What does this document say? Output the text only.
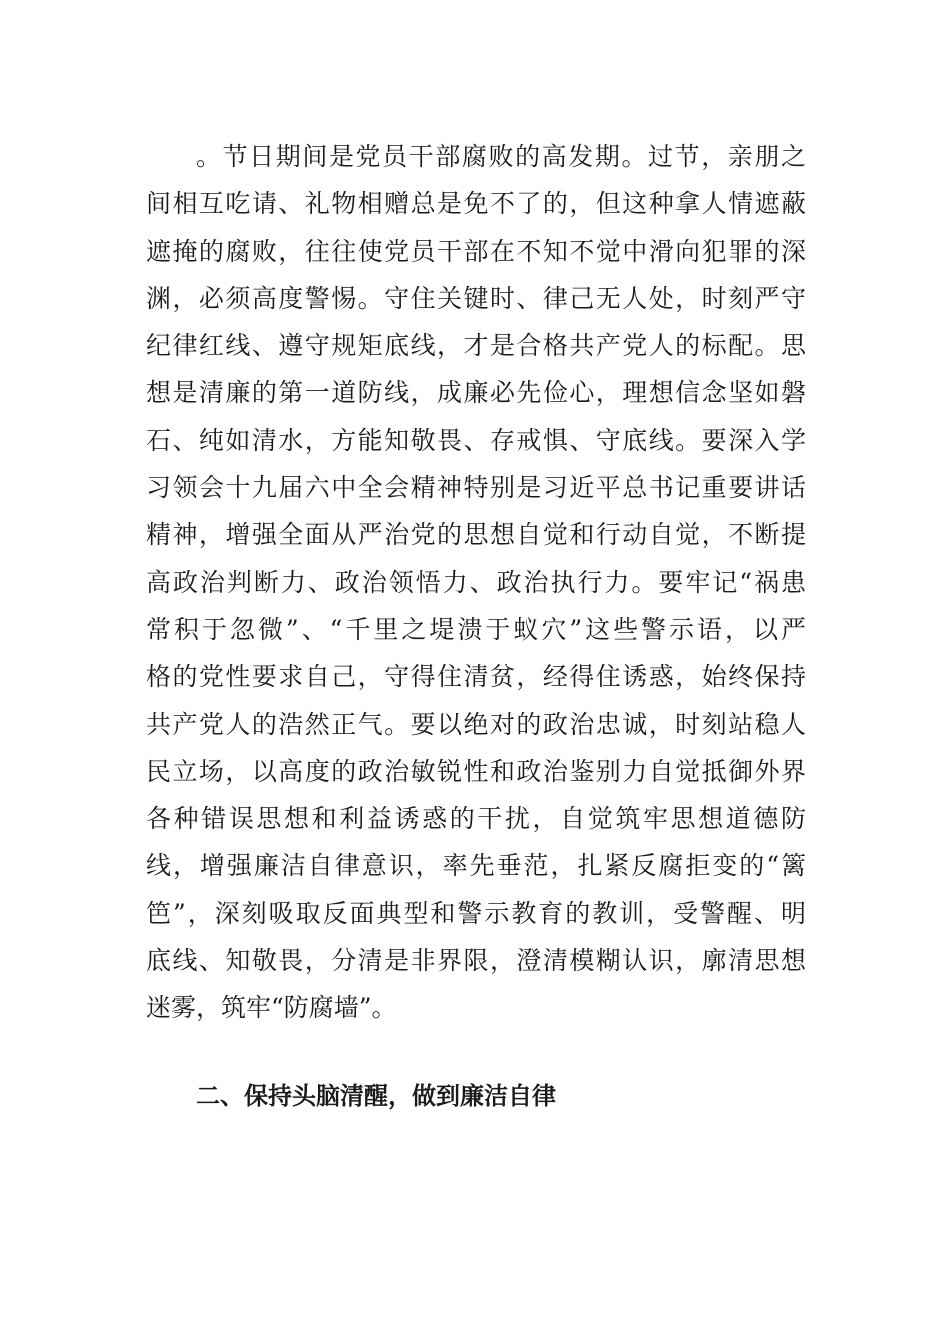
。节日期间是党员干部腐败的高发期。过节，亲朋之
间相互吃请、礼物相赠总是免不了的，但这种拿人情遮蔽
遮掩的腐败，往往使党员干部在不知不觉中滑向犯罪的深
渊，必须高度警惕。守住关键时、律己无人处，时刻严守
纪律红线、遵守规矩底线，才是合格共产党人的标配。思
想是清廉的第一道防线，成廉必先俭心，理想信念坚如磐
石、纯如清水，方能知敬畏、存戒惧、守底线。要深入学
习领会十九届六中全会精神特别是习近平总书记重要讲话
精神，增强全面从严治党的思想自觉和行动自觉，不断提
高政治判断力、政治领悟力、政治执行力。要牢记“祸患
常积于忽微”、“千里之堤溃于蚁穴”这些警示语，以严
格的党性要求自己，守得住清贫，经得住诱惑，始终保持
共产党人的浩然正气。要以绝对的政治忠诚，时刻站稳人
民立场，以高度的政治敏锐性和政治鉴别力自觉抵御外界
各种错误思想和利益诱惑的干扰，自觉筑牢思想道德防
线，增强廉洁自律意识，率先垂范，扎紧反腐拒变的“篱
笆”，深刻吸取反面典型和警示教育的教训，受警醒、明
底线、知敬畏，分清是非界限，澄清模糊认识，廓清思想
迷雾，筑牢“防腐墙”。
二、保持头脑清醒，做到廉洁自律
